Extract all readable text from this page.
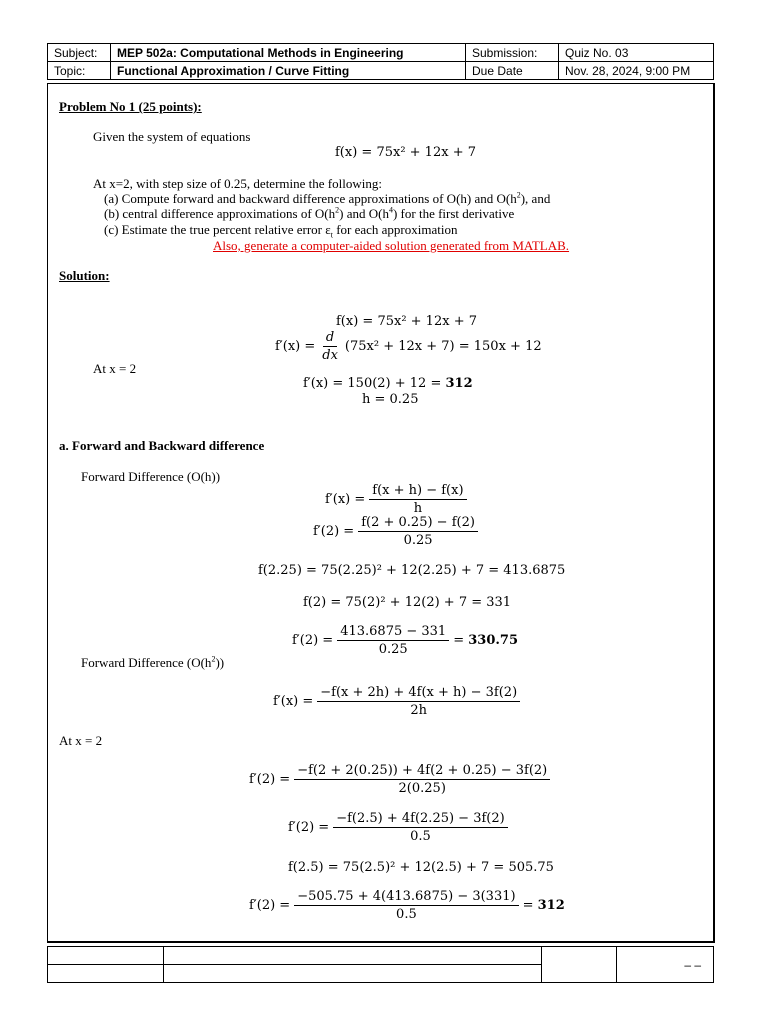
Subject:	MEP 502a: Computational Methods in Engineering	Submission:	Quiz No. 03
Topic:	Functional Approximation / Curve Fitting	Due Date	Nov. 28, 2024, 9:00 PM
Problem No 1 (25 points):
Given the system of equations
f(x) = 75x² + 12x + 7
At x=2, with step size of 0.25, determine the following:
(a) Compute forward and backward difference approximations of O(h) and $O(h^2)$, and
(b) central difference approximations of $O(h^2)$ and $O(h^4)$ for the first derivative
(c) Estimate the true percent relative error $\varepsilon_t$ for each approximation
Also, generate a computer-aided solution generated from MATLAB.
Solution:
f(x) = 75x² + 12x + 7
$f'(x) = \frac{d}{dx} (75x^2 + 12x + 7) = 150x + 12$
At x = 2
f′(x) = 150(2) + 12 = 312
h = 0.25
a. Forward and Backward difference
Forward Difference (O(h))
$f'(x) = \frac{f(x + h) - f(x)}{h}$
$f'(2) = \frac{f(2 + 0.25) - f(2)}{0.25}$
f(2.25) = 75(2.25)² + 12(2.25) + 7 = 413.6875
f(2) = 75(2)² + 12(2) + 7 = 331
$f'(2) = \frac{413.6875 - 331}{0.25} = 330.75$
Forward Difference $(O(h^2))$
$f'(x) = \frac{-f(x + 2h) + 4f(x + h) - 3f(2)}{2h}$
At x = 2
$f'(2) = \frac{-f(2 + 2(0.25)) + 4f(2 + 0.25) - 3f(2)}{2(0.25)}$
$f'(2) = \frac{-f(2.5) + 4f(2.25) - 3f(2)}{0.5}$
f(2.5) = 75(2.5)² + 12(2.5) + 7 = 505.75
$f'(2) = \frac{-505.75 + 4(413.6875) - 3(331)}{0.5} = 312$
			– –
